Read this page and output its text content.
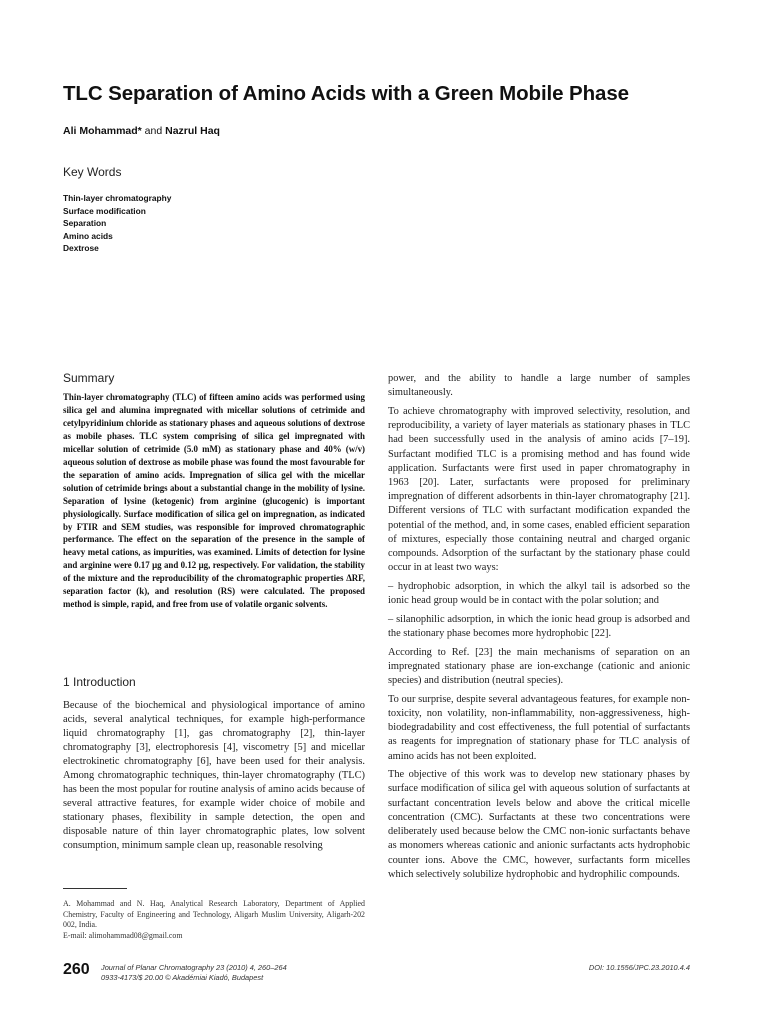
TLC Separation of Amino Acids with a Green Mobile Phase
Ali Mohammad* and Nazrul Haq
Key Words
Thin-layer chromatography
Surface modification
Separation
Amino acids
Dextrose
Summary
Thin-layer chromatography (TLC) of fifteen amino acids was performed using silica gel and alumina impregnated with micellar solutions of cetrimide and cetylpyridinium chloride as stationary phases and aqueous solutions of dextrose as mobile phases. TLC system comprising of silica gel impregnated with micellar solution of cetrimide (5.0 mM) as stationary phase and 40% (w/v) aqueous solution of dextrose as mobile phase was found the most favourable for the separation of amino acids. Impregnation of silica gel with the micellar solution of cetrimide brings about a substantial change in the mobility of lysine. Separation of lysine (ketogenic) from arginine (glucogenic) is important physiologically. Surface modification of silica gel on impregnation, as indicated by FTIR and SEM studies, was responsible for improved chromatographic performance. The effect on the separation of the presence in the sample of heavy metal cations, as impurities, was examined. Limits of detection for lysine and arginine were 0.17 μg and 0.12 μg, respectively. For validation, the stability of the mixture and the reproducibility of the chromatographic properties ΔRF, separation factor (k), and resolution (RS) were calculated. The proposed method is simple, rapid, and free from use of volatile organic solvents.
1 Introduction
Because of the biochemical and physiological importance of amino acids, several analytical techniques, for example high-performance liquid chromatography [1], gas chromatography [2], thin-layer chromatography [3], electrophoresis [4], viscometry [5] and micellar electrokinetic chromatography [6], have been used for their analysis. Among chromatographic techniques, thin-layer chromatography (TLC) has been the most popular for routine analysis of amino acids because of several attractive features, for example wider choice of mobile and stationary phases, flexibility in sample detection, the open and disposable nature of thin layer chromatographic plates, low solvent consumption, minimum sample clean up, reasonable resolving
A. Mohammad and N. Haq, Analytical Research Laboratory, Department of Applied Chemistry, Faculty of Engineering and Technology, Aligarh Muslim University, Aligarh-202 002, India.
E-mail: alimohammad08@gmail.com

power, and the ability to handle a large number of samples simultaneously.

To achieve chromatography with improved selectivity, resolution, and reproducibility, a variety of layer materials as stationary phases in TLC had been successfully used in the analysis of amino acids [7–19]. Surfactant modified TLC is a promising method and has found wide application. Surfactants were first used in paper chromatography in 1963 [20]. Later, surfactants were proposed for preliminary impregnation of different adsorbents in thin-layer chromatography [21]. Different versions of TLC with surfactant modification expanded the potential of the method, and, in some cases, enabled efficient separation of mixtures, especially those containing neutral and charged organic compounds. Adsorption of the surfactant by the stationary phase could occur in at least two ways:

– hydrophobic adsorption, in which the alkyl tail is adsorbed so the ionic head group would be in contact with the polar solution; and

– silanophilic adsorption, in which the ionic head group is adsorbed and the stationary phase becomes more hydrophobic [22].

According to Ref. [23] the main mechanisms of separation on an impregnated stationary phase are ion-exchange (cationic and anionic species) and distribution (neutral species).

To our surprise, despite several advantageous features, for example non-toxicity, non volatility, non-inflammability, non-aggressiveness, high-biodegradability and cost effectiveness, the full potential of surfactants as reagents for impregnation of stationary phase for TLC analysis of amino acids has not been exploited.

The objective of this work was to develop new stationary phases by surface modification of silica gel with aqueous solution of surfactants at surfactant concentration levels below and above the critical micelle concentration (CMC). Surfactants at these two concentrations were deliberately used because below the CMC non-ionic surfactants behave as monomers whereas cationic and anionic surfactants acts hydrophobic counter ions. Above the CMC, however, surfactants form micelles which selectively solubilize hydrophobic and hydrophilic compounds.

260 Journal of Planar Chromatography 23 (2010) 4, 260–264
0933-4173/$ 20.00 © Akadémiai Kiadó, Budapest
DOI: 10.1556/JPC.23.2010.4.4
